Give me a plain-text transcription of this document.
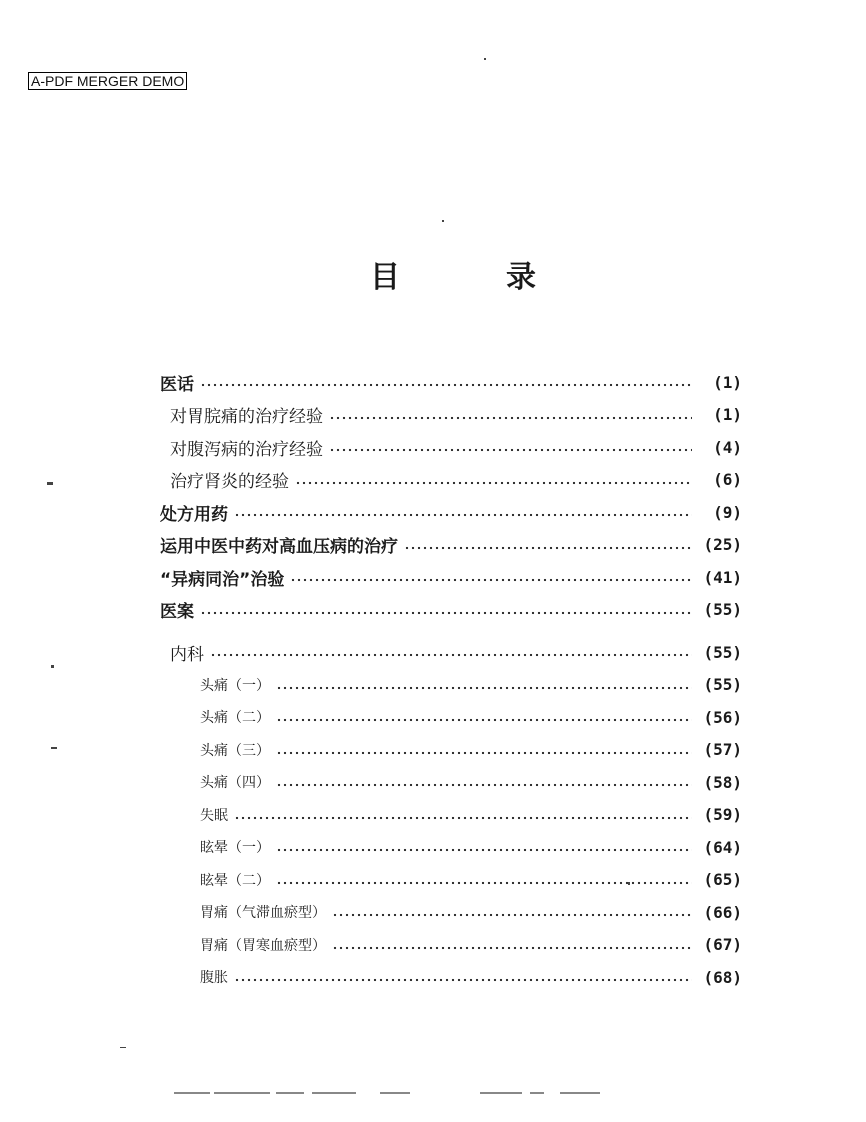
A-PDF MERGER DEMO
目	录
医话	(1)
对胃脘痛的治疗经验	(1)
对腹泻病的治疗经验	(4)
治疗肾炎的经验	(6)
处方用药	(9)
运用中医中药对高血压病的治疗	(25)
“异病同治”治验	(41)
医案	(55)
内科	(55)
头痛（一）	(55)
头痛（二）	(56)
头痛（三）	(57)
头痛（四）	(58)
失眠	(59)
眩晕（一）	(64)
眩晕（二）	(65)
胃痛（气滞血瘀型）	(66)
胃痛（胃寒血瘀型）	(67)
腹胀	(68)
